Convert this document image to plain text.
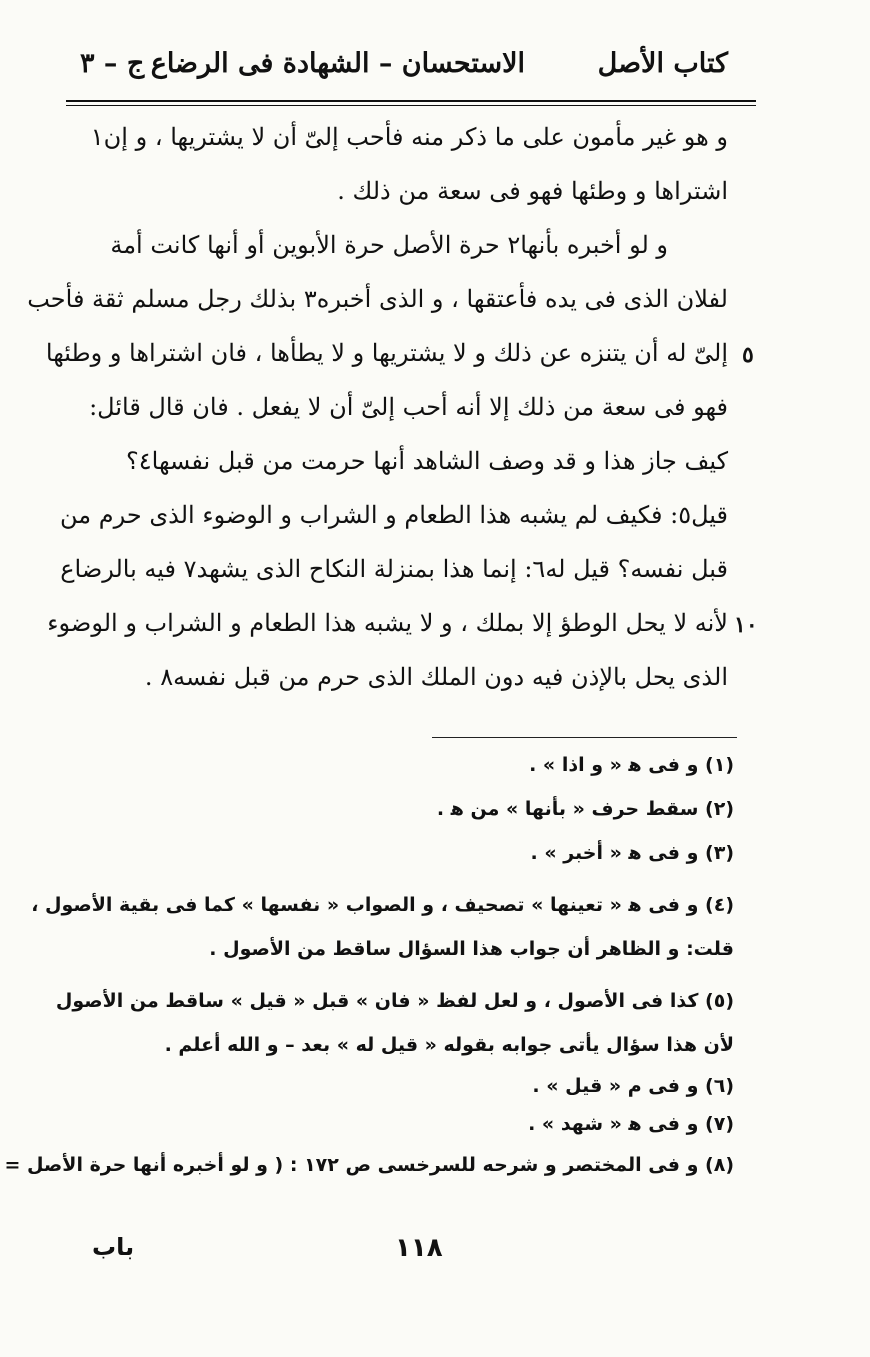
كتاب الأصل
الاستحسان – الشهادة فى الرضاع
ج – ٣
و هو غير مأمون على ما ذكر منه فأحب إلىّ أن لا يشتريها ، و إن١
اشتراها و وطئها فهو فى سعة من ذلك .
و لو أخبره بأنها٢ حرة الأصل حرة الأبوين أو أنها كانت أمة
لفلان الذى فى يده فأعتقها ، و الذى أخبره٣ بذلك رجل مسلم ثقة فأحب
إلىّ له أن يتنزه عن ذلك و لا يشتريها و لا يطأها ، فان اشتراها و وطئها
فهو فى سعة من ذلك إلا أنه أحب إلىّ أن لا يفعل . فان قال قائل:
كيف جاز هذا و قد وصف الشاهد أنها حرمت من قبل نفسها٤؟
قيل٥: فكيف لم يشبه هذا الطعام و الشراب و الوضوء الذى حرم من
قبل نفسه؟ قيل له٦: إنما هذا بمنزلة النكاح الذى يشهد٧ فيه بالرضاع
لأنه لا يحل الوطؤ إلا بملك ، و لا يشبه هذا الطعام و الشراب و الوضوء
الذى يحل بالإذن فيه دون الملك الذى حرم من قبل نفسه٨ .
٥
١٠
(١) و فى ﻫ « و اذا » .
(٢) سقط حرف « بأنها » من ﻫ .
(٣) و فى ﻫ « أخبر » .
(٤) و فى ﻫ « تعينها » تصحيف ، و الصواب « نفسها » كما فى بقية الأصول ،
قلت: و الظاهر أن جواب هذا السؤال ساقط من الأصول .
(٥) كذا فى الأصول ، و لعل لفظ « فان » قبل « قيل » ساقط من الأصول
لأن هذا سؤال يأتى جوابه بقوله « قيل له » بعد – و الله أعلم .
(٦) و فى م « قيل » .
(٧) و فى ﻫ « شهد » .
(٨) و فى المختصر و شرحه للسرخسى ص ١٧٢ : ( و لو أخبره أنها حرة الأصل =
١١٨
باب
